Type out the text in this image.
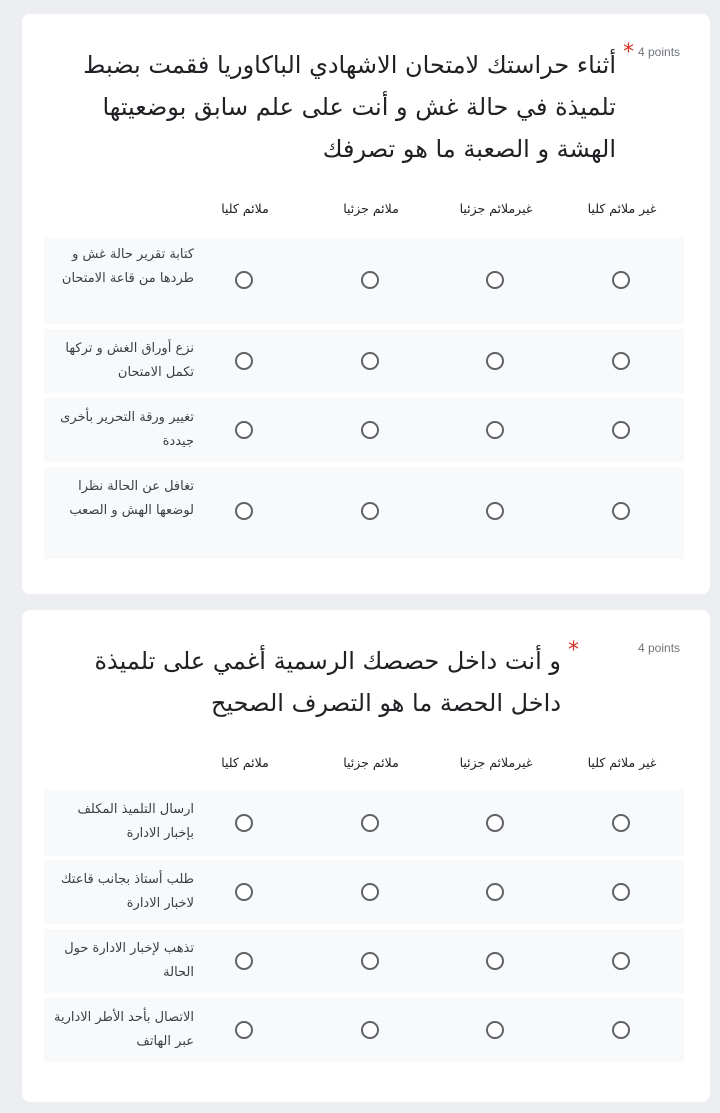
4 points
*
أثناء حراستك لامتحان الاشهادي الباكاوريا فقمت بضبط تلميذة في حالة غش و أنت على علم سابق بوضعيتها الهشة و الصعبة ما هو تصرفك
غير ملائم كليا
غيرملائم جزئيا
ملائم جزئيا
ملائم كليا
كتابة تقرير حالة غش و طردها من قاعة الامتحان
نزع أوراق الغش و تركها تكمل الامتحان
تغيير ورقة التحرير بأخرى جيددة
تغافل عن الحالة نظرا لوضعها الهش و الصعب
4 points
*
و أنت داخل حصصك الرسمية أغمي على تلميذة داخل الحصة ما هو التصرف الصحيح
غير ملائم كليا
غيرملائم جزئيا
ملائم جزئيا
ملائم كليا
ارسال التلميذ المكلف بإخبار الادارة
طلب أستاذ بجانب قاعتك لاخبار الادارة
تذهب لإخبار الادارة حول الحالة
الاتصال بأحد الأطر الادارية عبر الهاتف
